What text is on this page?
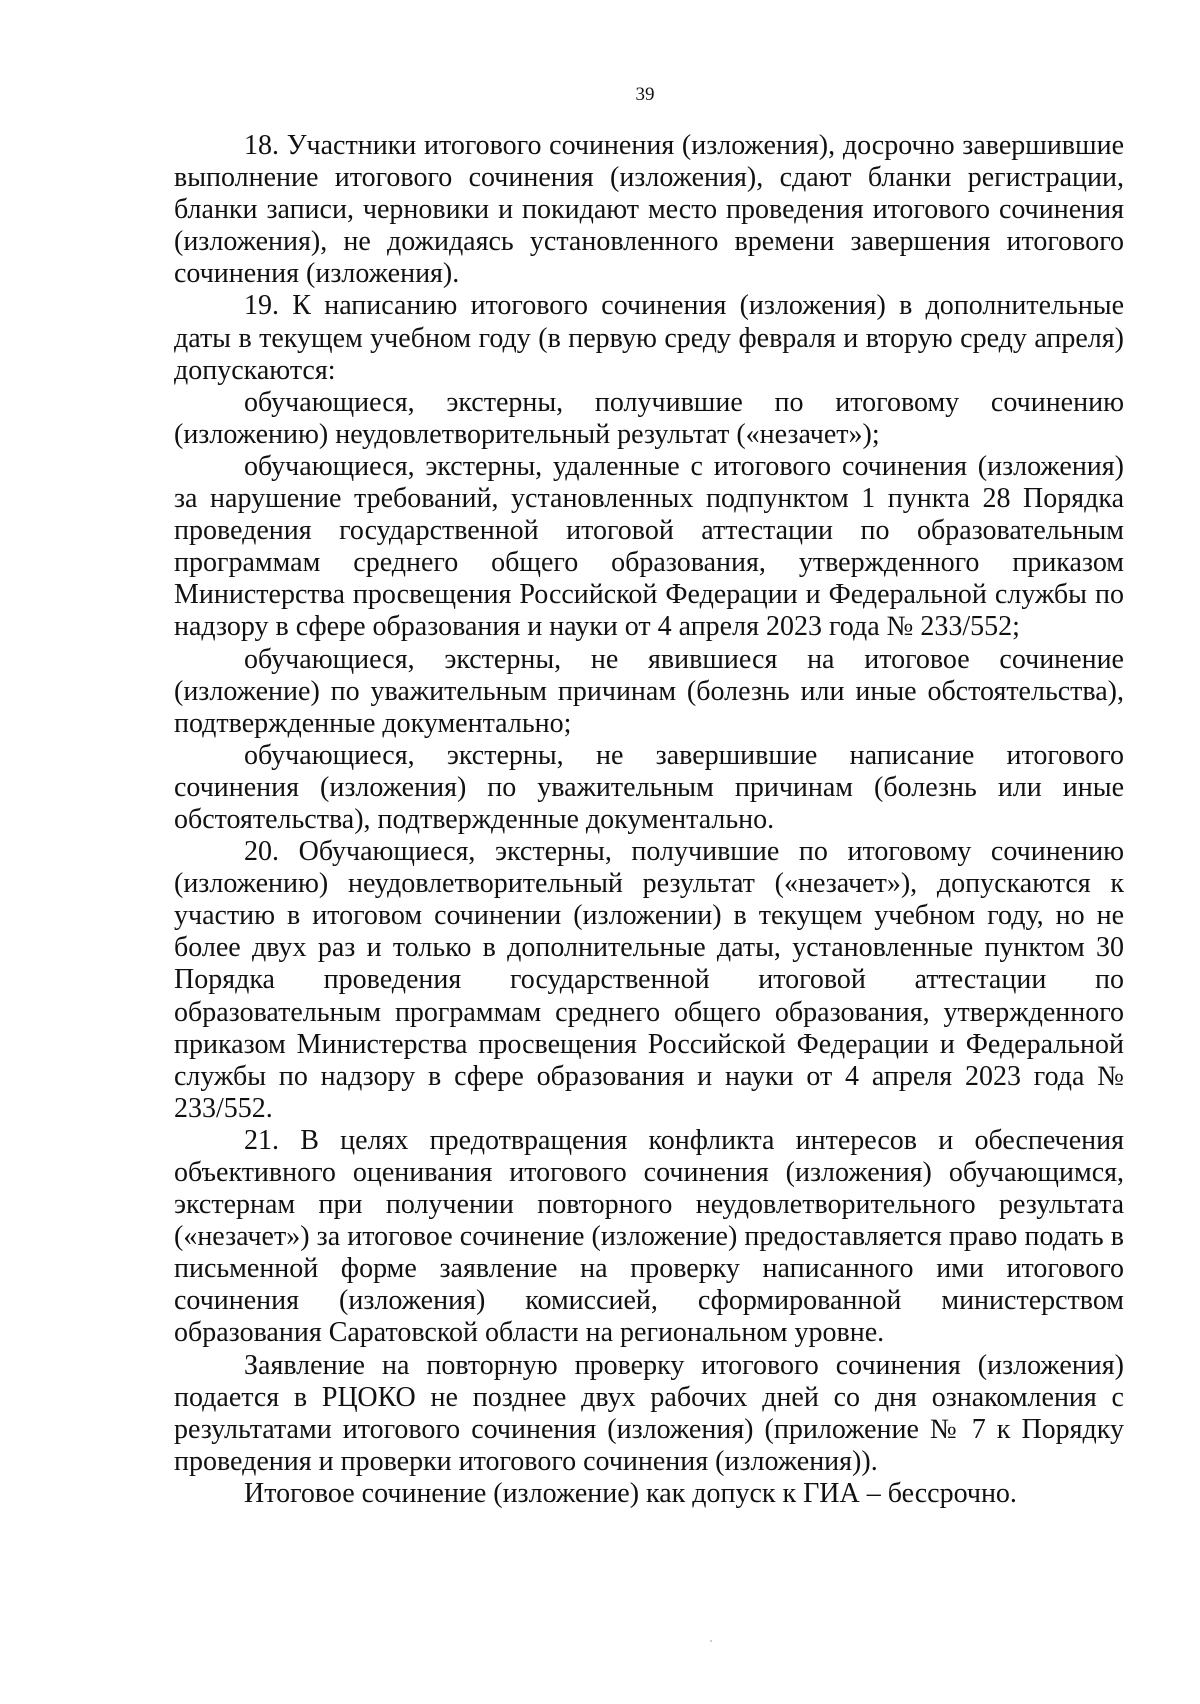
39

18. Участники итогового сочинения (изложения), досрочно завершившие выполнение итогового сочинения (изложения), сдают бланки регистрации, бланки записи, черновики и покидают место проведения итогового сочинения (изложения), не дожидаясь установленного времени завершения итогового сочинения (изложения).

19. К написанию итогового сочинения (изложения) в дополнительные даты в текущем учебном году (в первую среду февраля и вторую среду апреля) допускаются:

обучающиеся, экстерны, получившие по итоговому сочинению (изложению) неудовлетворительный результат («незачет»);

обучающиеся, экстерны, удаленные с итогового сочинения (изложения) за нарушение требований, установленных подпунктом 1 пункта 28 Порядка проведения государственной итоговой аттестации по образовательным программам среднего общего образования, утвержденного приказом Министерства просвещения Российской Федерации и Федеральной службы по надзору в сфере образования и науки от 4 апреля 2023 года № 233/552;

обучающиеся, экстерны, не явившиеся на итоговое сочинение (изложение) по уважительным причинам (болезнь или иные обстоятельства), подтвержденные документально;

обучающиеся, экстерны, не завершившие написание итогового сочинения (изложения) по уважительным причинам (болезнь или иные обстоятельства), подтвержденные документально.

20. Обучающиеся, экстерны, получившие по итоговому сочинению (изложению) неудовлетворительный результат («незачет»), допускаются к участию в итоговом сочинении (изложении) в текущем учебном году, но не более двух раз и только в дополнительные даты, установленные пунктом 30 Порядка проведения государственной итоговой аттестации по образовательным программам среднего общего образования, утвержденного приказом Министерства просвещения Российской Федерации и Федеральной службы по надзору в сфере образования и науки от 4 апреля 2023 года № 233/552.

21. В целях предотвращения конфликта интересов и обеспечения объективного оценивания итогового сочинения (изложения) обучающимся, экстернам при получении повторного неудовлетворительного результата («незачет») за итоговое сочинение (изложение) предоставляется право подать в письменной форме заявление на проверку написанного ими итогового сочинения (изложения) комиссией, сформированной министерством образования Саратовской области на региональном уровне.

Заявление на повторную проверку итогового сочинения (изложения) подается в РЦОКО не позднее двух рабочих дней со дня ознакомления с результатами итогового сочинения (изложения) (приложение № 7 к Порядку проведения и проверки итогового сочинения (изложения)).

Итоговое сочинение (изложение) как допуск к ГИА – бессрочно.
